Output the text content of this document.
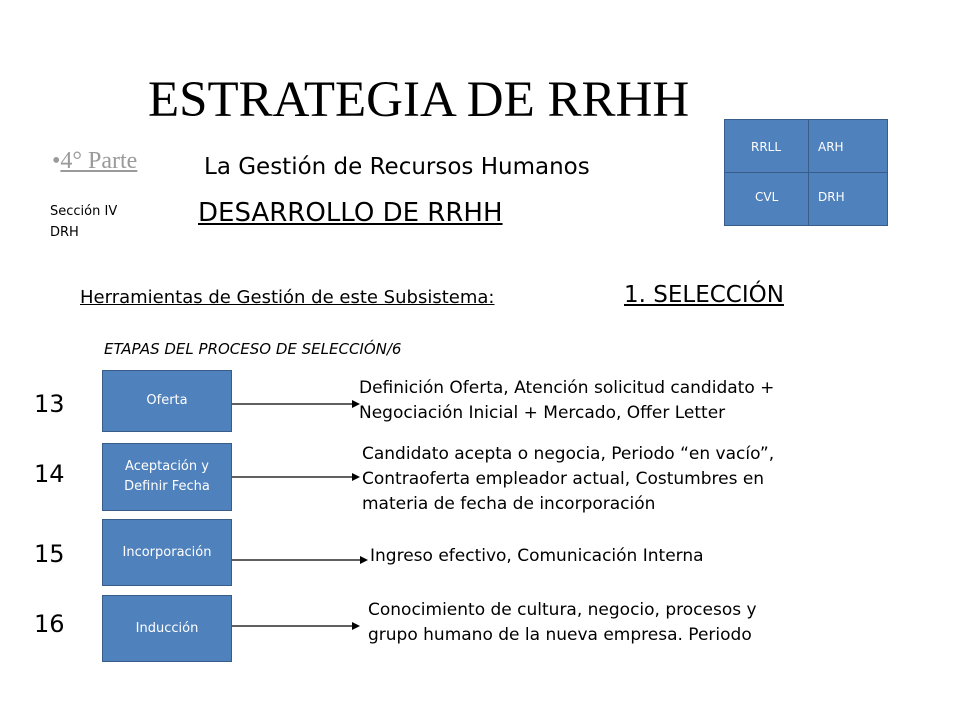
ESTRATEGIA DE RRHH
•4° Parte	La Gestión de Recursos Humanos
Sección IV
DRH
DESARROLLO DE RRHH
RRLL	ARH
CVL	DRH
Herramientas de Gestión de este Subsistema:	1. SELECCIÓN
ETAPAS DEL PROCESO DE SELECCIÓN/6
13	Oferta
Definición Oferta, Atención solicitud candidato +
Negociación Inicial + Mercado, Offer Letter
14	Aceptación y
Definir Fecha
Candidato acepta o negocia, Periodo “en vacío”,
Contraoferta empleador actual, Costumbres en
materia de fecha de incorporación
15	Incorporación	Ingreso efectivo, Comunicación Interna
16	Inducción
Conocimiento de cultura, negocio, procesos y
grupo humano de la nueva empresa. Periodo
